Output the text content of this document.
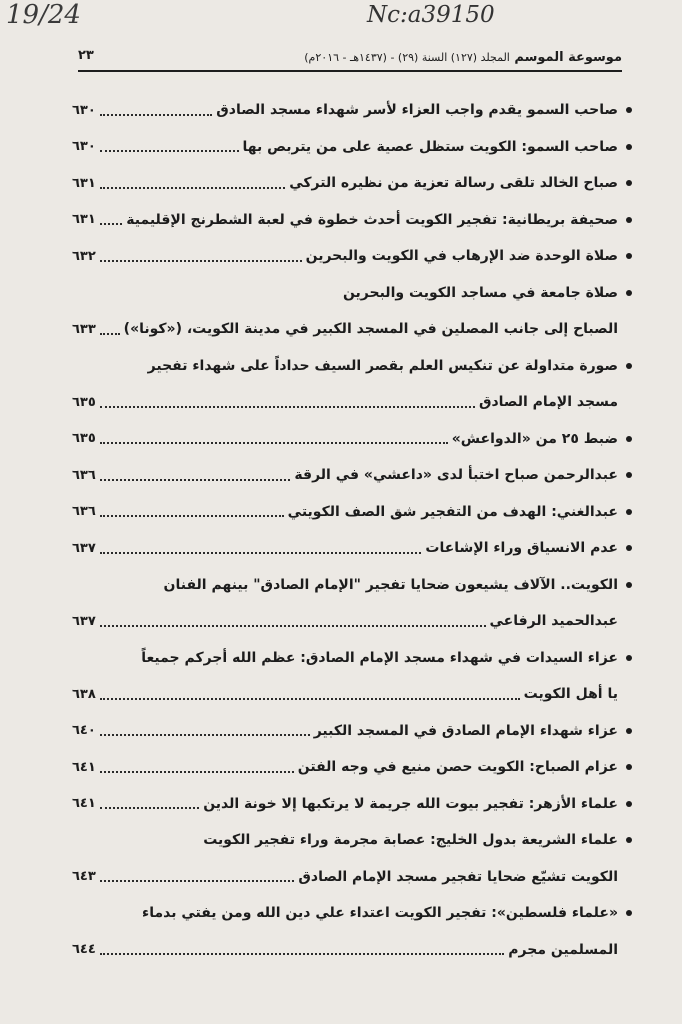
19/24	Nc:a39150
موسوعة الموسم المجلد (١٢٧) السنة (٢٩) - (١٤٣٧هـ - ٢٠١٦م)
٢٣
صاحب السمو يقدم واجب العزاء لأسر شهداء مسجد الصادق
٦٣٠
صاحب السمو: الكويت ستظل عصية على من يتربص بها
٦٣٠
صباح الخالد تلقى رسالة تعزية من نظيره التركي
٦٣١
صحيفة بريطانية: تفجير الكويت أحدث خطوة في لعبة الشطرنج الإقليمية
٦٣١
صلاة الوحدة ضد الإرهاب في الكويت والبحرين
٦٣٢
صلاة جامعة في مساجد الكويت والبحرين
الصباح إلى جانب المصلين في المسجد الكبير في مدينة الكويت، («كونا»)
٦٣٣
صورة متداولة عن تنكيس العلم بقصر السيف حداداً على شهداء تفجير
مسجد الإمام الصادق
٦٣٥
ضبط ٢٥ من «الدواعش»
٦٣٥
عبدالرحمن صباح اختبأ لدى «داعشي» في الرقة
٦٣٦
عبدالغني: الهدف من التفجير شق الصف الكويتي
٦٣٦
عدم الانسياق وراء الإشاعات
٦٣٧
الكويت.. الآلاف يشيعون ضحايا تفجير "الإمام الصادق" بينهم الفنان
عبدالحميد الرفاعي
٦٣٧
عزاء السيدات في شهداء مسجد الإمام الصادق: عظم الله أجركم جميعاً
يا أهل الكويت
٦٣٨
عزاء شهداء الإمام الصادق في المسجد الكبير
٦٤٠
عزام الصباح: الكويت حصن منيع في وجه الفتن
٦٤١
علماء الأزهر: تفجير بيوت الله جريمة لا يرتكبها إلا خونة الدين
٦٤١
علماء الشريعة بدول الخليج: عصابة مجرمة وراء تفجير الكويت
الكويت تشيّع ضحايا تفجير مسجد الإمام الصادق
٦٤٣
«علماء فلسطين»: تفجير الكويت اعتداء علي دين الله ومن يفتي بدماء
المسلمين مجرم
٦٤٤
